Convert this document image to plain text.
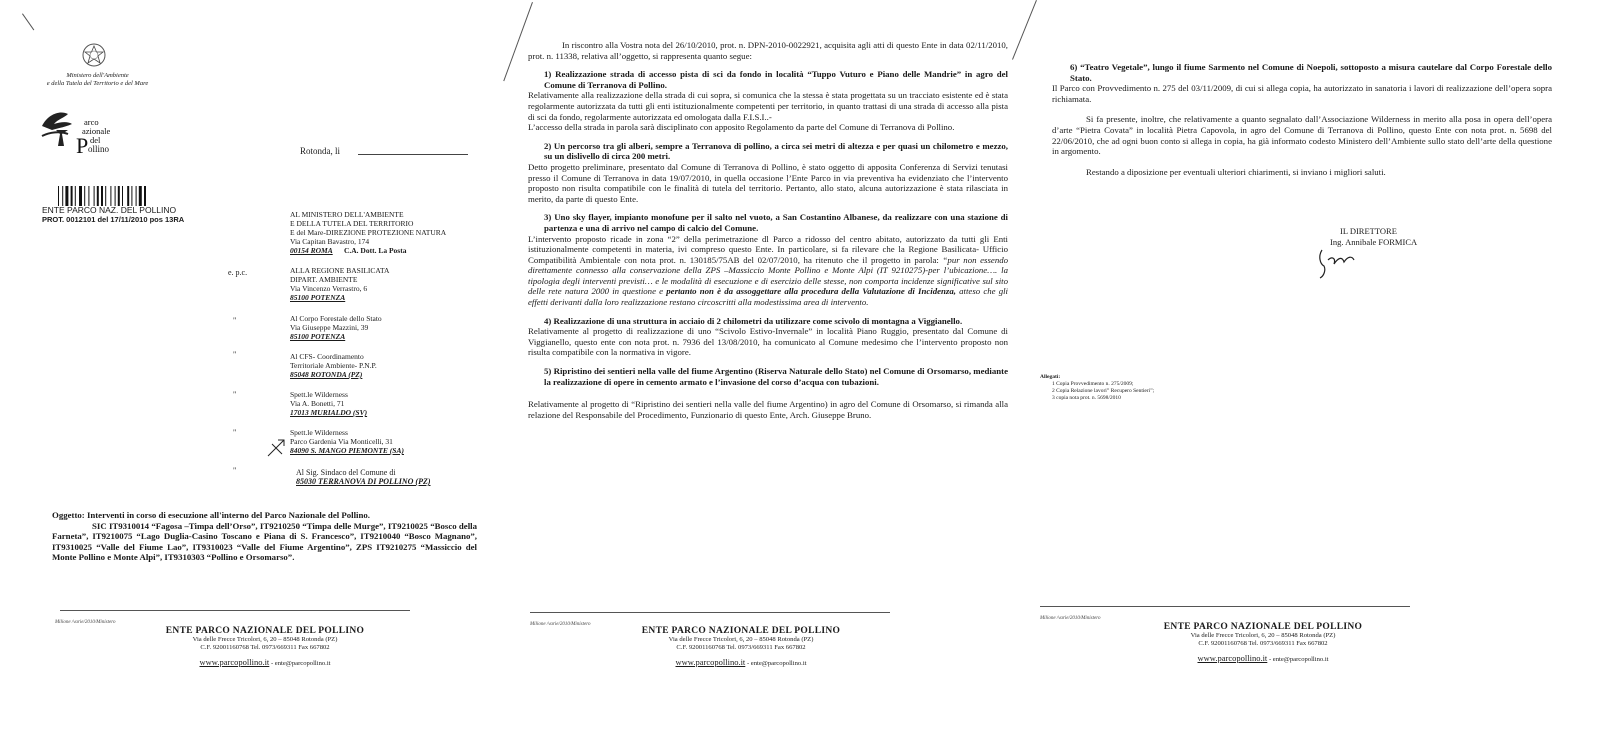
Ministero dell'Ambiente
e della Tutela del Territorio e del Mare
P
arco
azionale
del
ollino	Rotonda, li
ENTE PARCO NAZ. DEL POLLINO
PROT. 0012101 del 17/11/2010 pos 13RA
e. p.c.
"
"
"
"
"
AL MINISTERO DELL'AMBIENTE
E DELLA TUTELA DEL TERRITORIO
E del Mare-DIREZIONE PROTEZIONE NATURA
Via Capitan Bavastro, 174
00154 ROMA C.A. Dott. La Posta
ALLA REGIONE BASILICATA
DIPART. AMBIENTE
Via Vincenzo Verrastro, 6
85100 POTENZA
Al Corpo Forestale dello Stato
Via Giuseppe Mazzini, 39
85100 POTENZA
Al CFS- Coordinamento
Territoriale Ambiente- P.N.P.
85048 ROTONDA (PZ)
Spett.le Wilderness
Via A. Bonetti, 71
17013 MURIALDO (SV)
Spett.le Wilderness
Parco Gardenia Via Monticelli, 31
84090 S. MANGO PIEMONTE (SA)
Al Sig. Sindaco del Comune di
85030 TERRANOVA DI POLLINO (PZ)
Oggetto: Interventi in corso di esecuzione all'interno del Parco Nazionale del Pollino.
SIC IT9310014 “Fagosa –Timpa dell’Orso”, IT9210250 “Timpa delle Murge”, IT9210025 “Bosco della Farneta”, IT9210075 “Lago Duglia-Casino Toscano e Piana di S. Francesco”, IT9210040 “Bosco Magnano”, IT9310025 “Valle del Fiume Lao”, IT9310023 “Valle del Fiume Argentino”, ZPS IT9210275 “Massiccio del Monte Pollino e Monte Alpi”, IT9310303 “Pollino e Orsomarso”.
Milione /varie/2010/Ministero
ENTE PARCO NAZIONALE DEL POLLINO
Via delle Frecce Tricolori, 6, 20 – 85048 Rotonda (PZ)
C.F. 92001160768 Tel. 0973/669311 Fax 667802
www.parcopollino.it - ente@parcopollino.it

In riscontro alla Vostra nota del 26/10/2010, prot. n. DPN-2010-0022921, acquisita agli atti di questo Ente in data 02/11/2010, prot. n. 11338, relativa all’oggetto, si rappresenta quanto segue:

1) Realizzazione strada di accesso pista di sci da fondo in località “Tuppo Vuturo e Piano delle Mandrie” in agro del Comune di Terranova di Pollino.

Relativamente alla realizzazione della strada di cui sopra, si comunica che la stessa è stata progettata su un tracciato esistente ed è stata regolarmente autorizzata da tutti gli enti istituzionalmente competenti per territorio, in quanto trattasi di una strada di accesso alla pista di sci da fondo, regolarmente autorizzata ed omologata dalla F.I.S.I..-

L’accesso della strada in parola sarà disciplinato con apposito Regolamento da parte del Comune di Terranova di Pollino.

2) Un percorso tra gli alberi, sempre a Terranova di pollino, a circa sei metri di altezza e per quasi un chilometro e mezzo, su un dislivello di circa 200 metri.

Detto progetto preliminare, presentato dal Comune di Terranova di Pollino, è stato oggetto di apposita Conferenza di Servizi tenutasi presso il Comune di Terranova in data 19/07/2010, in quella occasione l’Ente Parco in via preventiva ha evidenziato che l’intervento proposto non risulta compatibile con le finalità di tutela del territorio. Pertanto, allo stato, alcuna autorizzazione è stata rilasciata in merito, da parte di questo Ente.

3) Uno sky flayer, impianto monofune per il salto nel vuoto, a San Costantino Albanese, da realizzare con una stazione di partenza e una di arrivo nel campo di calcio del Comune.

L’intervento proposto ricade in zona “2” della perimetrazione dl Parco a ridosso del centro abitato, autorizzato da tutti gli Enti istituzionalmente competenti in materia, ivi compreso questo Ente. In particolare, si fa rilevare che la Regione Basilicata- Ufficio Compatibilità Ambientale con nota prot. n. 130185/75AB del 02/07/2010, ha ritenuto che il progetto in parola: “pur non essendo direttamente connesso alla conservazione della ZPS –Massiccio Monte Pollino e Monte Alpi (IT 9210275)-per l’ubicazione…. la tipologia degli interventi previsti… e le modalità di esecuzione e di esercizio delle stesse, non comporta incidenze significative sul sito delle rete natura 2000 in questione e pertanto non è da assoggettare alla procedura della Valutazione di Incidenza, atteso che gli effetti derivanti dalla loro realizzazione restano circoscritti alla modestissima area di intervento.

4) Realizzazione di una struttura in acciaio di 2 chilometri da utilizzare come scivolo di montagna a Viggianello.

Relativamente al progetto di realizzazione di uno “Scivolo Estivo-Invernale” in località Piano Ruggio, presentato dal Comune di Viggianello, questo ente con nota prot. n. 7936 del 13/08/2010, ha comunicato al Comune medesimo che l’intervento proposto non risulta compatibile con la normativa in vigore.

5) Ripristino dei sentieri nella valle del fiume Argentino (Riserva Naturale dello Stato) nel Comune di Orsomarso, mediante la realizzazione di opere in cemento armato e l’invasione del corso d’acqua con tubazioni.

Relativamente al progetto di “Ripristino dei sentieri nella valle del fiume Argentino) in agro del Comune di Orsomarso, si rimanda alla relazione del Responsabile del Procedimento, Funzionario di questo Ente, Arch. Giuseppe Bruno.

Milione /varie/2010/Ministero
ENTE PARCO NAZIONALE DEL POLLINO
Via delle Frecce Tricolori, 6, 20 – 85048 Rotonda (PZ)
C.F. 92001160768 Tel. 0973/669311 Fax 667802
www.parcopollino.it - ente@parcopollino.it

6) “Teatro Vegetale”, lungo il fiume Sarmento nel Comune di Noepoli, sottoposto a misura cautelare dal Corpo Forestale dello Stato.

Il Parco con Provvedimento n. 275 del 03/11/2009, di cui si allega copia, ha autorizzato in sanatoria i lavori di realizzazione dell’opera sopra richiamata.

Si fa presente, inoltre, che relativamente a quanto segnalato dall’Associazione Wilderness in merito alla posa in opera dell’opera d’arte “Pietra Covata” in località Pietra Capovola, in agro del Comune di Terranova di Pollino, questo Ente con nota prot. n. 5698 del 22/06/2010, che ad ogni buon conto si allega in copia, ha già informato codesto Ministero dell’Ambiente sullo stato dell’arte della questione in argomento.

Restando a diposizione per eventuali ulteriori chiarimenti, si inviano i migliori saluti.

IL DIRETTORE
Ing. Annibale FORMICA
Allegati:
1 Copia Provvedimento n. 275/2009;
2 Copia Relazione lavori” Recupero Sentieri”;
3 copia nota prot. n. 5698/2010
Milione /varie/2010/Ministero
ENTE PARCO NAZIONALE DEL POLLINO
Via delle Frecce Tricolori, 6, 20 – 85048 Rotonda (PZ)
C.F. 92001160768 Tel. 0973/669311 Fax 667802
www.parcopollino.it - ente@parcopollino.it
